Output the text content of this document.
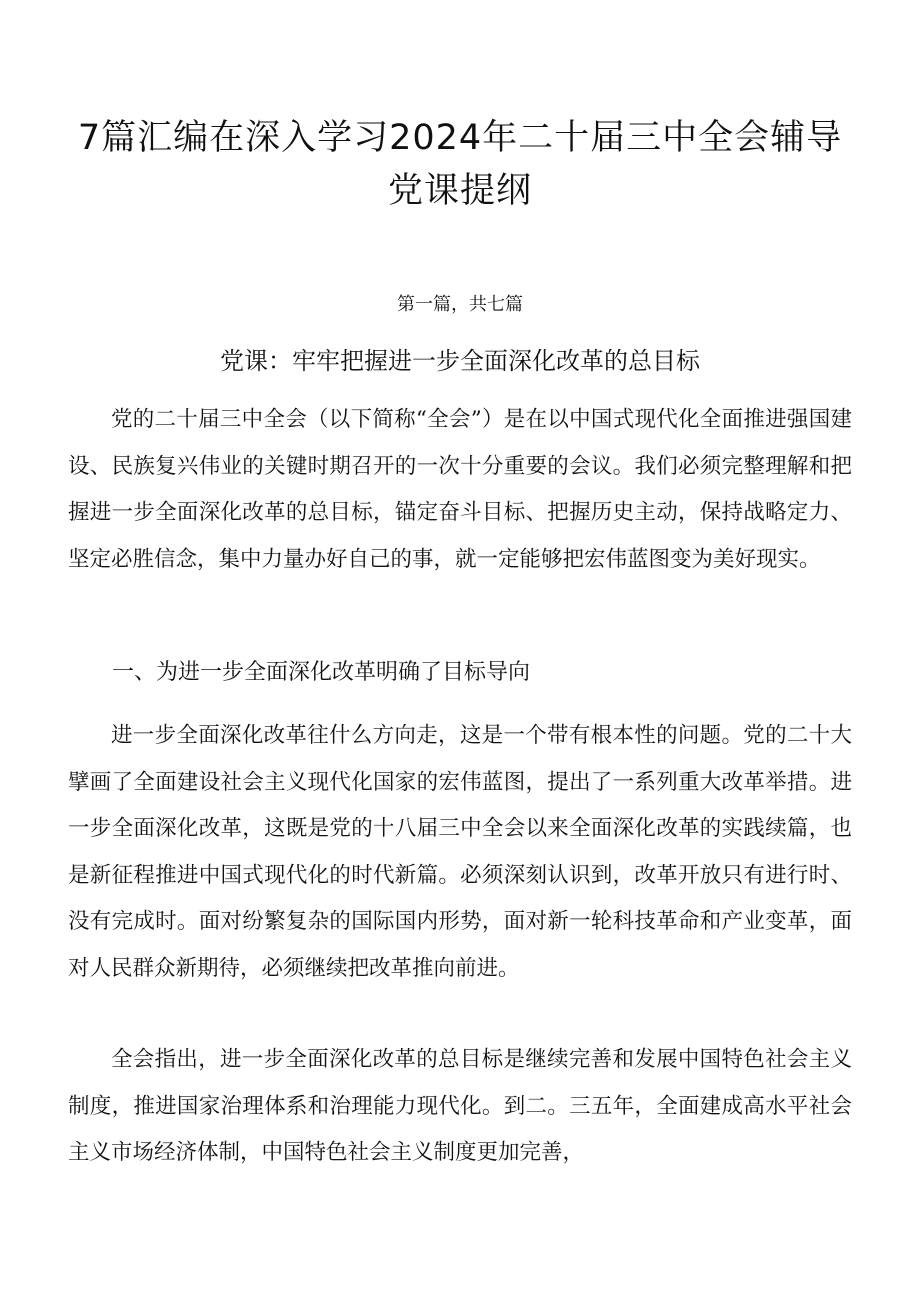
7篇汇编在深入学习2024年二十届三中全会辅导党课提纲
第一篇，共七篇
党课：牢牢把握进一步全面深化改革的总目标

党的二十届三中全会（以下简称“全会”）是在以中国式现代化全面推进强国建设、民族复兴伟业的关键时期召开的一次十分重要的会议。我们必须完整理解和把握进一步全面深化改革的总目标，锚定奋斗目标、把握历史主动，保持战略定力、坚定必胜信念，集中力量办好自己的事，就一定能够把宏伟蓝图变为美好现实。

一、为进一步全面深化改革明确了目标导向

进一步全面深化改革往什么方向走，这是一个带有根本性的问题。党的二十大擘画了全面建设社会主义现代化国家的宏伟蓝图，提出了一系列重大改革举措。进一步全面深化改革，这既是党的十八届三中全会以来全面深化改革的实践续篇，也是新征程推进中国式现代化的时代新篇。必须深刻认识到，改革开放只有进行时、没有完成时。面对纷繁复杂的国际国内形势，面对新一轮科技革命和产业变革，面对人民群众新期待，必须继续把改革推向前进。

全会指出，进一步全面深化改革的总目标是继续完善和发展中国特色社会主义制度，推进国家治理体系和治理能力现代化。到二。三五年，全面建成高水平社会主义市场经济体制，中国特色社会主义制度更加完善，
